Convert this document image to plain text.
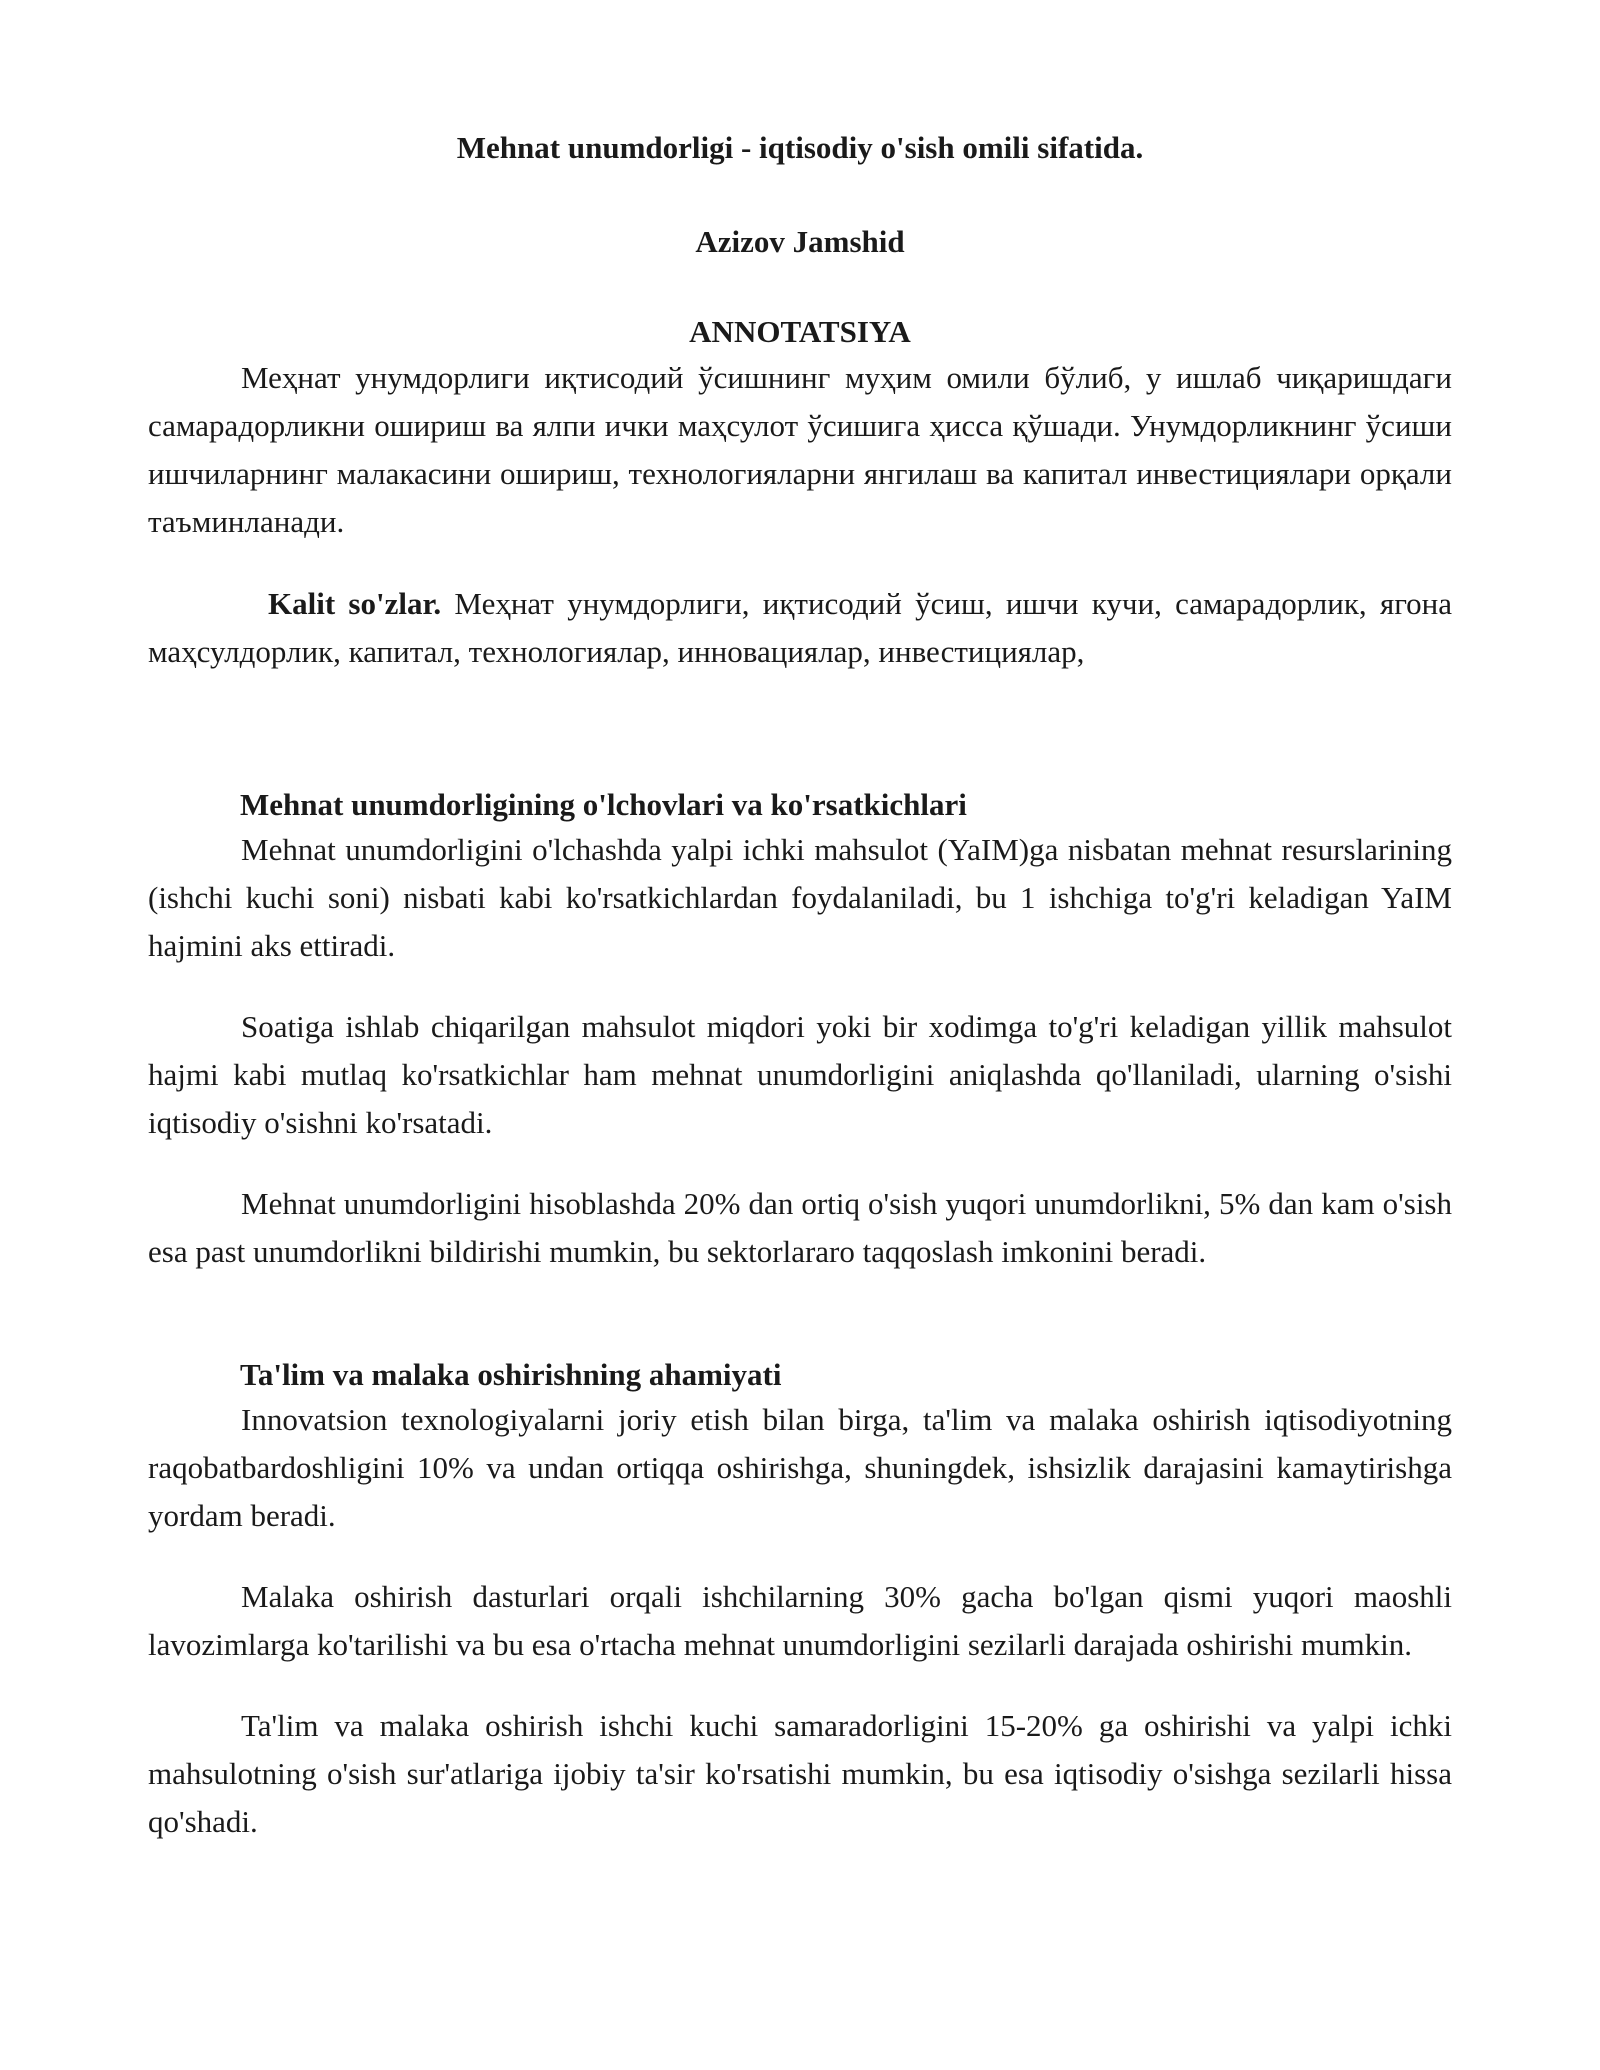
Mehnat unumdorligi - iqtisodiy o'sish omili sifatida.
Azizov Jamshid
ANNOTATSIYA

Меҳнат унумдорлиги иқтисодий ўсишнинг муҳим омили бўлиб, у ишлаб чиқаришдаги самарадорликни ошириш ва ялпи ички маҳсулот ўсишига ҳисса қўшади. Унумдорликнинг ўсиши ишчиларнинг малакасини ошириш, технологияларни янгилаш ва капитал инвестициялари орқали таъминланади.

Kalit so'zlar. Меҳнат унумдорлиги, иқтисодий ўсиш, ишчи кучи, самарадорлик, ягона маҳсулдорлик, капитал, технологиялар, инновациялар, инвестициялар,

Mehnat unumdorligining o'lchovlari va ko'rsatkichlari

Mehnat unumdorligini o'lchashda yalpi ichki mahsulot (YaIM)ga nisbatan mehnat resurslarining (ishchi kuchi soni) nisbati kabi ko'rsatkichlardan foydalaniladi, bu 1 ishchiga to'g'ri keladigan YaIM hajmini aks ettiradi.

Soatiga ishlab chiqarilgan mahsulot miqdori yoki bir xodimga to'g'ri keladigan yillik mahsulot hajmi kabi mutlaq ko'rsatkichlar ham mehnat unumdorligini aniqlashda qo'llaniladi, ularning o'sishi iqtisodiy o'sishni ko'rsatadi.

Mehnat unumdorligini hisoblashda 20% dan ortiq o'sish yuqori unumdorlikni, 5% dan kam o'sish esa past unumdorlikni bildirishi mumkin, bu sektorlararo taqqoslash imkonini beradi.

Ta'lim va malaka oshirishning ahamiyati

Innovatsion texnologiyalarni joriy etish bilan birga, ta'lim va malaka oshirish iqtisodiyotning raqobatbardoshligini 10% va undan ortiqqa oshirishga, shuningdek, ishsizlik darajasini kamaytirishga yordam beradi.

Malaka oshirish dasturlari orqali ishchilarning 30% gacha bo'lgan qismi yuqori maoshli lavozimlarga ko'tarilishi va bu esa o'rtacha mehnat unumdorligini sezilarli darajada oshirishi mumkin.

Ta'lim va malaka oshirish ishchi kuchi samaradorligini 15-20% ga oshirishi va yalpi ichki mahsulotning o'sish sur'atlariga ijobiy ta'sir ko'rsatishi mumkin, bu esa iqtisodiy o'sishga sezilarli hissa qo'shadi.
